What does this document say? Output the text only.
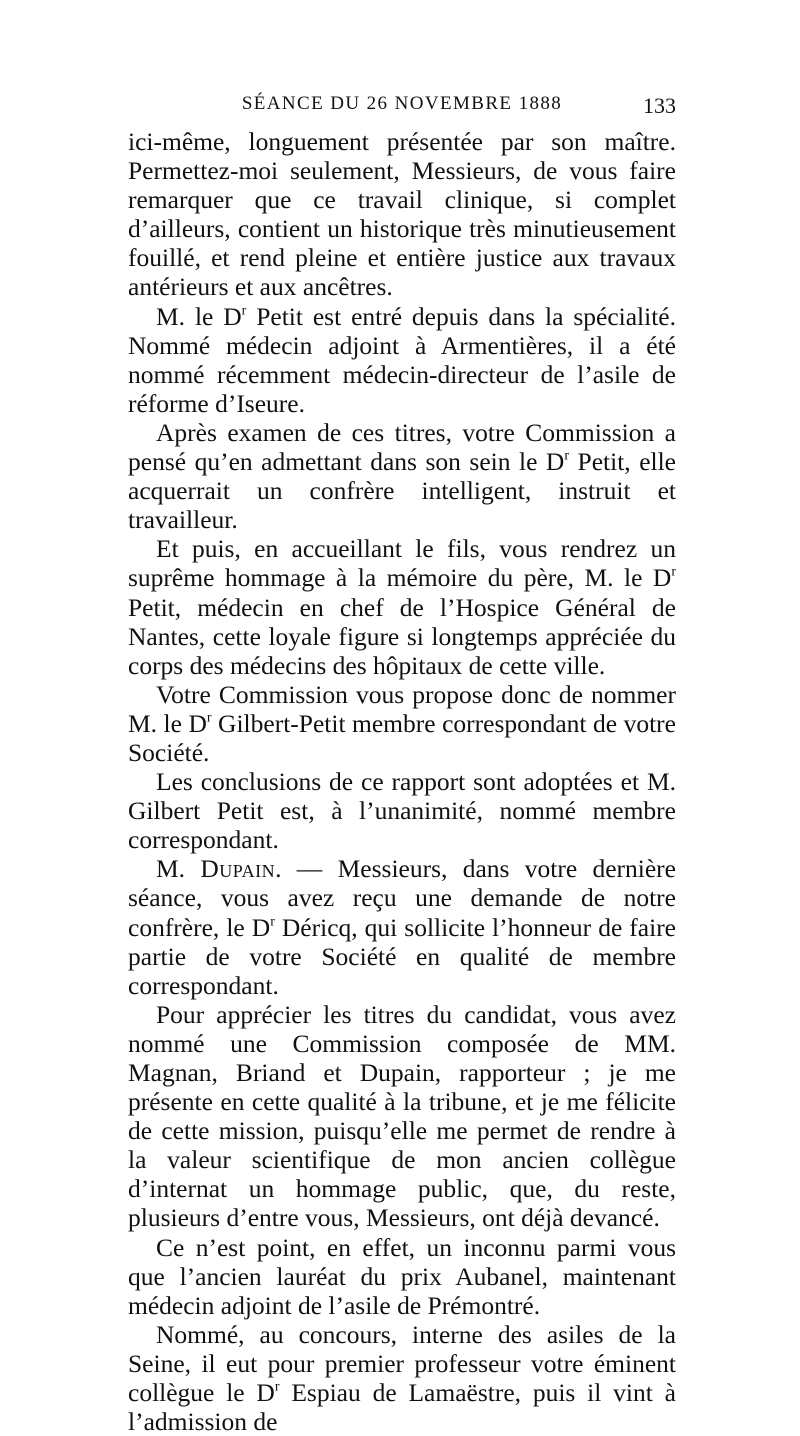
SÉANCE DU 26 NOVEMBRE 1888	133

ici-même, longuement présentée par son maître. Permettez-moi seulement, Messieurs, de vous faire remarquer que ce travail clinique, si complet d’ailleurs, contient un historique très minutieusement fouillé, et rend pleine et entière justice aux travaux antérieurs et aux ancêtres.

M. le $D^r$ Petit est entré depuis dans la spécialité. Nommé médecin adjoint à Armentières, il a été nommé récemment médecin-directeur de l’asile de réforme d’Iseure.

Après examen de ces titres, votre Commission a pensé qu’en admettant dans son sein le $D^r$ Petit, elle acquerrait un confrère intelligent, instruit et travailleur.

Et puis, en accueillant le fils, vous rendrez un suprême hommage à la mémoire du père, M. le $D^r$ Petit, médecin en chef de l’Hospice Général de Nantes, cette loyale figure si longtemps appréciée du corps des médecins des hôpitaux de cette ville.

Votre Commission vous propose donc de nommer M. le $D^r$ Gilbert-Petit membre correspondant de votre Société.

Les conclusions de ce rapport sont adoptées et M. Gilbert Petit est, à l’unanimité, nommé membre correspondant.

M. Dupain. — Messieurs, dans votre dernière séance, vous avez reçu une demande de notre confrère, le $D^r$ Déricq, qui sollicite l’honneur de faire partie de votre Société en qualité de membre correspondant.

Pour apprécier les titres du candidat, vous avez nommé une Commission composée de MM. Magnan, Briand et Dupain, rapporteur ; je me présente en cette qualité à la tribune, et je me félicite de cette mission, puisqu’elle me permet de rendre à la valeur scientifique de mon ancien collègue d’internat un hommage public, que, du reste, plusieurs d’entre vous, Messieurs, ont déjà devancé.

Ce n’est point, en effet, un inconnu parmi vous que l’ancien lauréat du prix Aubanel, maintenant médecin adjoint de l’asile de Prémontré.

Nommé, au concours, interne des asiles de la Seine, il eut pour premier professeur votre éminent collègue le $D^r$ Espiau de Lamaëstre, puis il vint à l’admission de
